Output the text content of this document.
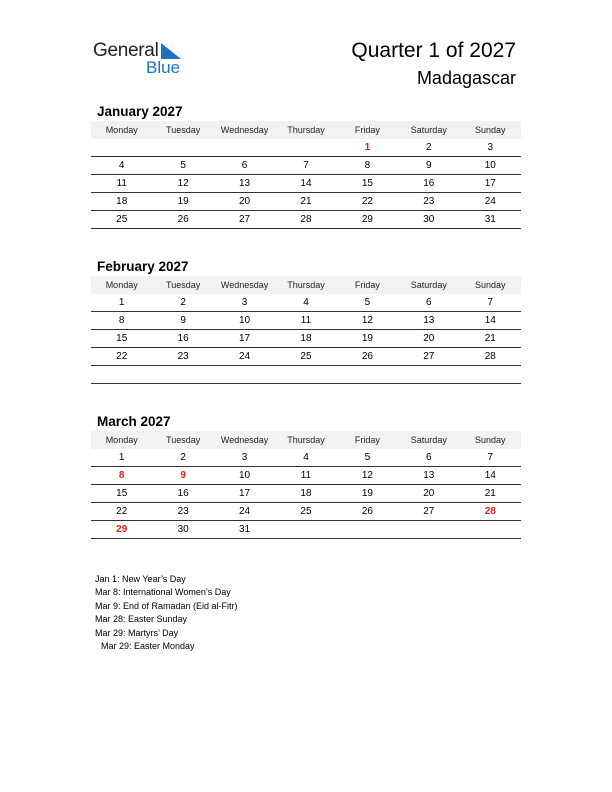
General
Blue
Quarter 1 of 2027
Madagascar
January 2027
Monday	Tuesday	Wednesday	Thursday	Friday	Saturday	Sunday
				1	2	3
4	5	6	7	8	9	10
11	12	13	14	15	16	17
18	19	20	21	22	23	24
25	26	27	28	29	30	31
February 2027
Monday	Tuesday	Wednesday	Thursday	Friday	Saturday	Sunday
1	2	3	4	5	6	7
8	9	10	11	12	13	14
15	16	17	18	19	20	21
22	23	24	25	26	27	28

March 2027
Monday	Tuesday	Wednesday	Thursday	Friday	Saturday	Sunday
1	2	3	4	5	6	7
8	9	10	11	12	13	14
15	16	17	18	19	20	21
22	23	24	25	26	27	28
29	30	31				
Jan 1: New Year’s Day
Mar 8: International Women’s Day
Mar 9: End of Ramadan (Eid al-Fitr)
Mar 28: Easter Sunday
Mar 29: Martyrs’ Day
Mar 29: Easter Monday
